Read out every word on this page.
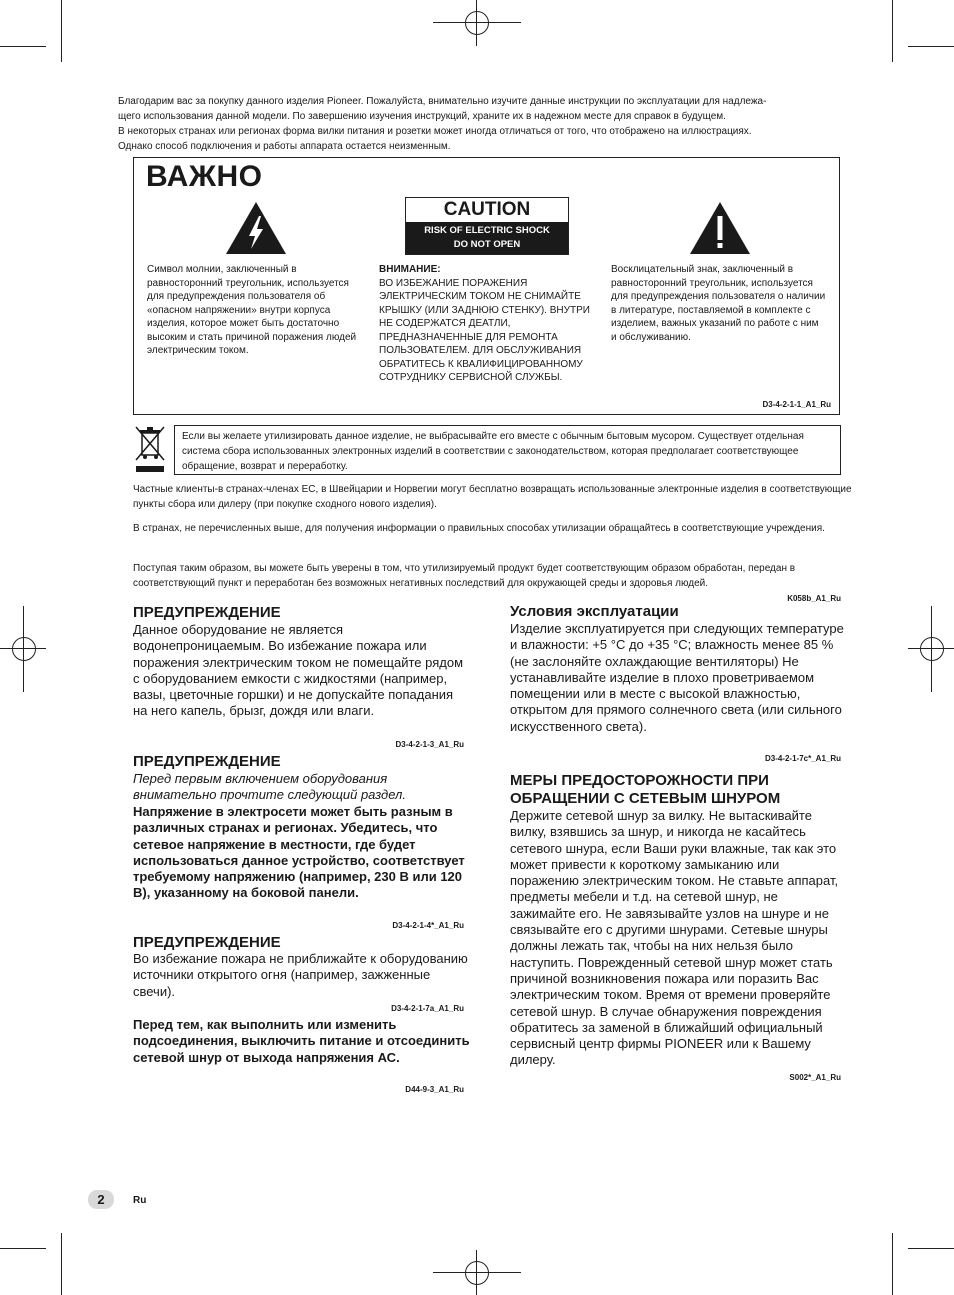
Благодарим вас за покупку данного изделия Pioneer. Пожалуйста, внимательно изучите данные инструкции по эксплуатации для надлежа-
щего использования данной модели. По завершению изучения инструкций, храните их в надежном месте для справок в будущем.
В некоторых странах или регионах форма вилки питания и розетки может иногда отличаться от того, что отображено на иллюстрациях.
Однако способ подключения и работы аппарата остается неизменным.
ВАЖНО
CAUTION
RISK OF ELECTRIC SHOCK
DO NOT OPEN
Символ молнии, заключенный в равносторонний треугольник, используется для предупреждения пользователя об «опасном напряжении» внутри корпуса изделия, которое может быть достаточно высоким и стать причиной поражения людей электрическим током.
ВНИМАНИЕ:
ВО ИЗБЕЖАНИЕ ПОРАЖЕНИЯ ЭЛЕКТРИЧЕСКИМ ТОКОМ НЕ СНИМАЙТЕ КРЫШКУ (ИЛИ ЗАДНЮЮ СТЕНКУ). ВНУТРИ НЕ СОДЕРЖАТСЯ ДЕАТЛИ, ПРЕДНАЗНАЧЕННЫЕ ДЛЯ РЕМОНТА ПОЛЬЗОВАТЕЛЕМ. ДЛЯ ОБСЛУЖИВАНИЯ ОБРАТИТЕСЬ К КВАЛИФИЦИРОВАННОМУ СОТРУДНИКУ СЕРВИСНОЙ СЛУЖБЫ.
Восклицательный знак, заключенный в равносторонний треугольник, используется для предупреждения пользователя о наличии в литературе, поставляемой в комплекте с изделием, важных указаний по работе с ним и обслуживанию.
D3-4-2-1-1_A1_Ru
Если вы желаете утилизировать данное изделие, не выбрасывайте его вместе с обычным бытовым мусором. Существует отдельная система сбора использованных электронных изделий в соответствии с законодательством, которая предполагает соответствующее обращение, возврат и переработку.
Частные клиенты-в странах-членах ЕС, в Швейцарии и Норвегии могут бесплатно возвращать использованные электронные изделия в соответствующие пункты сбора или дилеру (при покупке сходного нового изделия).
В странах, не перечисленных выше, для получения информации о правильных способах утилизации обращайтесь в соответствующие учреждения.
Поступая таким образом, вы можете быть уверены в том, что утилизируемый продукт будет соответствующим образом обработан, передан в соответствующий пункт и переработан без возможных негативных последствий для окружающей среды и здоровья людей.
K058b_A1_Ru
ПРЕДУПРЕЖДЕНИЕ
Данное оборудование не является водонепроницаемым. Во избежание пожара или поражения электрическим током не помещайте рядом с оборудованием емкости с жидкостями (например, вазы, цветочные горшки) и не допускайте попадания на него капель, брызг, дождя или влаги.
D3-4-2-1-3_A1_Ru
ПРЕДУПРЕЖДЕНИЕ
Перед первым включением оборудования внимательно прочтите следующий раздел.
Напряжение в электросети может быть разным в различных странах и регионах. Убедитесь, что сетевое напряжение в местности, где будет использоваться данное устройство, соответствует требуемому напряжению (например, 230 В или 120 В), указанному на боковой панели.
D3-4-2-1-4*_A1_Ru
ПРЕДУПРЕЖДЕНИЕ
Во избежание пожара не приближайте к оборудованию источники открытого огня (например, зажженные свечи).
D3-4-2-1-7a_A1_Ru
Перед тем, как выполнить или изменить подсоединения, выключить питание и отсоединить сетевой шнур от выхода напряжения АС.
D44-9-3_A1_Ru
Условия эксплуатации
Изделие эксплуатируется при следующих температуре и влажности: +5 °C до +35 °C; влажность менее 85 % (не заслоняйте охлаждающие вентиляторы) Не устанавливайте изделие в плохо проветриваемом помещении или в месте с высокой влажностью, открытом для прямого солнечного света (или сильного искусственного света).
D3-4-2-1-7c*_A1_Ru
МЕРЫ ПРЕДОСТОРОЖНОСТИ ПРИ
ОБРАЩЕНИИ С СЕТЕВЫМ ШНУРОМ
Держите сетевой шнур за вилку. Не вытаскивайте вилку, взявшись за шнур, и никогда не касайтесь сетевого шнура, если Ваши руки влажные, так как это может привести к короткому замыканию или поражению электрическим током. Не ставьте аппарат, предметы мебели и т.д. на сетевой шнур, не зажимайте его. Не завязывайте узлов на шнуре и не связывайте его с другими шнурами. Сетевые шнуры должны лежать так, чтобы на них нельзя было наступить. Поврежденный сетевой шнур может стать причиной возникновения пожара или поразить Вас электрическим током. Время от времени проверяйте сетевой шнур. В случае обнаружения повреждения обратитесь за заменой в ближайший официальный сервисный центр фирмы PIONEER или к Вашему дилеру.
S002*_A1_Ru
2	Ru
